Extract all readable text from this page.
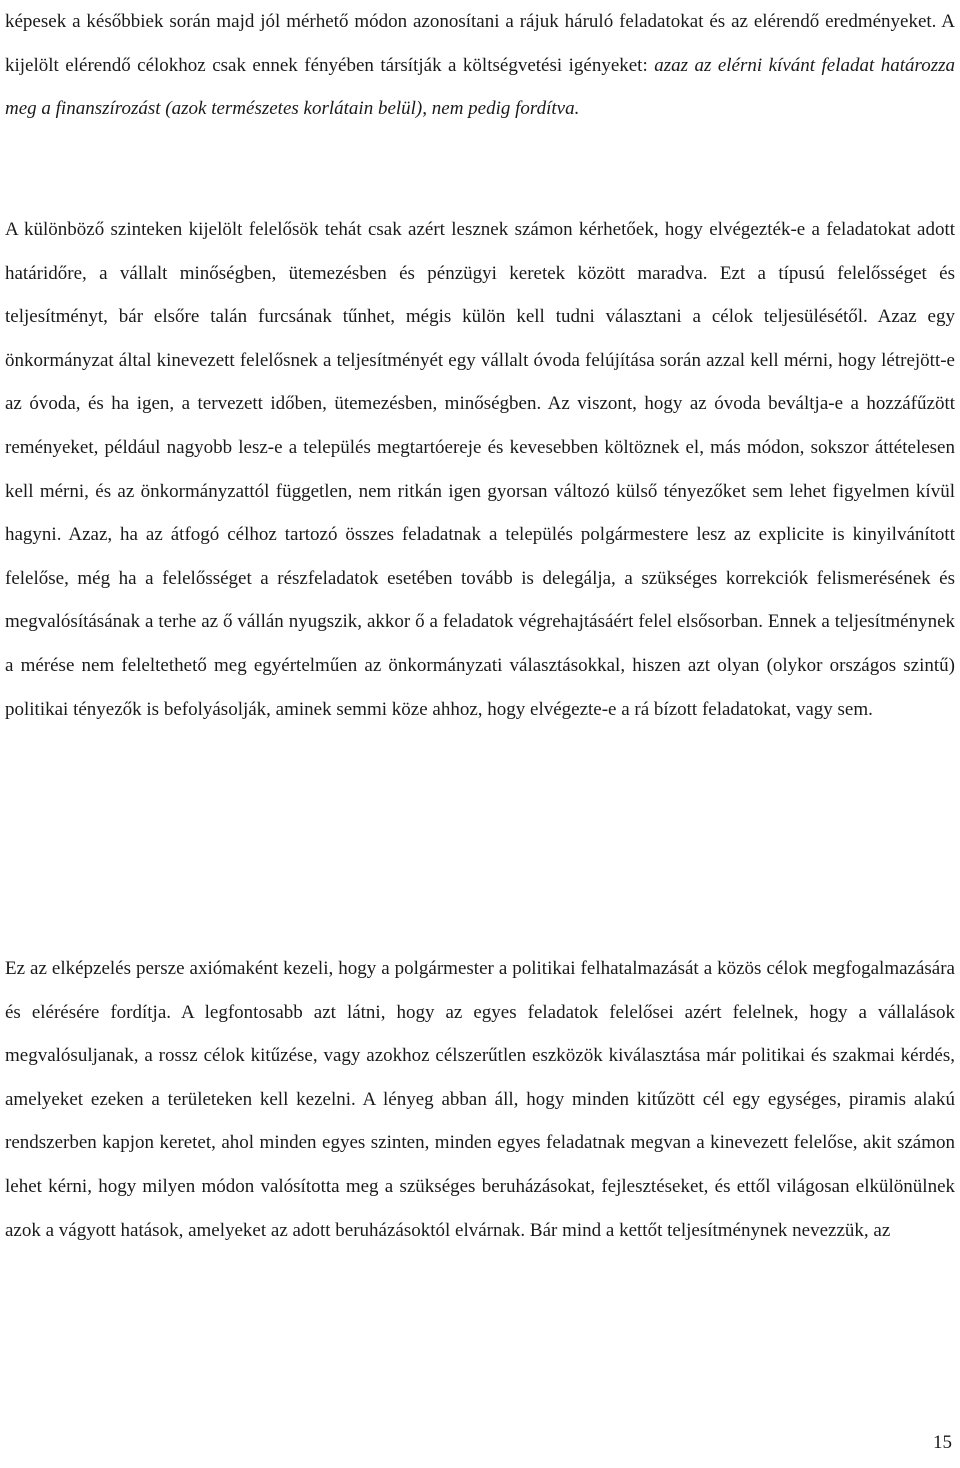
képesek a későbbiek során majd jól mérhető módon azonosítani a rájuk háruló feladatokat és az elérendő eredményeket. A kijelölt elérendő célokhoz csak ennek fényében társítják a költségvetési igényeket: azaz az elérni kívánt feladat határozza meg a finanszírozást (azok természetes korlátain belül), nem pedig fordítva.

A különböző szinteken kijelölt felelősök tehát csak azért lesznek számon kérhetőek, hogy elvégezték-e a feladatokat adott határidőre, a vállalt minőségben, ütemezésben és pénzügyi keretek között maradva. Ezt a típusú felelősséget és teljesítményt, bár elsőre talán furcsának tűnhet, mégis külön kell tudni választani a célok teljesülésétől. Azaz egy önkormányzat által kinevezett felelősnek a teljesítményét egy vállalt óvoda felújítása során azzal kell mérni, hogy létrejött-e az óvoda, és ha igen, a tervezett időben, ütemezésben, minőségben. Az viszont, hogy az óvoda beváltja-e a hozzáfűzött reményeket, például nagyobb lesz-e a település megtartóereje és kevesebben költöznek el, más módon, sokszor áttételesen kell mérni, és az önkormányzattól független, nem ritkán igen gyorsan változó külső tényezőket sem lehet figyelmen kívül hagyni. Azaz, ha az átfogó célhoz tartozó összes feladatnak a település polgármestere lesz az explicite is kinyilvánított felelőse, még ha a felelősséget a részfeladatok esetében tovább is delegálja, a szükséges korrekciók felismerésének és megvalósításának a terhe az ő vállán nyugszik, akkor ő a feladatok végrehajtásáért felel elsősorban. Ennek a teljesítménynek a mérése nem feleltethető meg egyértelműen az önkormányzati választásokkal, hiszen azt olyan (olykor országos szintű) politikai tényezők is befolyásolják, aminek semmi köze ahhoz, hogy elvégezte-e a rá bízott feladatokat, vagy sem.

Ez az elképzelés persze axiómaként kezeli, hogy a polgármester a politikai felhatalmazását a közös célok megfogalmazására és elérésére fordítja. A legfontosabb azt látni, hogy az egyes feladatok felelősei azért felelnek, hogy a vállalások megvalósuljanak, a rossz célok kitűzése, vagy azokhoz célszerűtlen eszközök kiválasztása már politikai és szakmai kérdés, amelyeket ezeken a területeken kell kezelni. A lényeg abban áll, hogy minden kitűzött cél egy egységes, piramis alakú rendszerben kapjon keretet, ahol minden egyes szinten, minden egyes feladatnak megvan a kinevezett felelőse, akit számon lehet kérni, hogy milyen módon valósította meg a szükséges beruházásokat, fejlesztéseket, és ettől világosan elkülönülnek azok a vágyott hatások, amelyeket az adott beruházásoktól elvárnak. Bár mind a kettőt teljesítménynek nevezzük, az

15
